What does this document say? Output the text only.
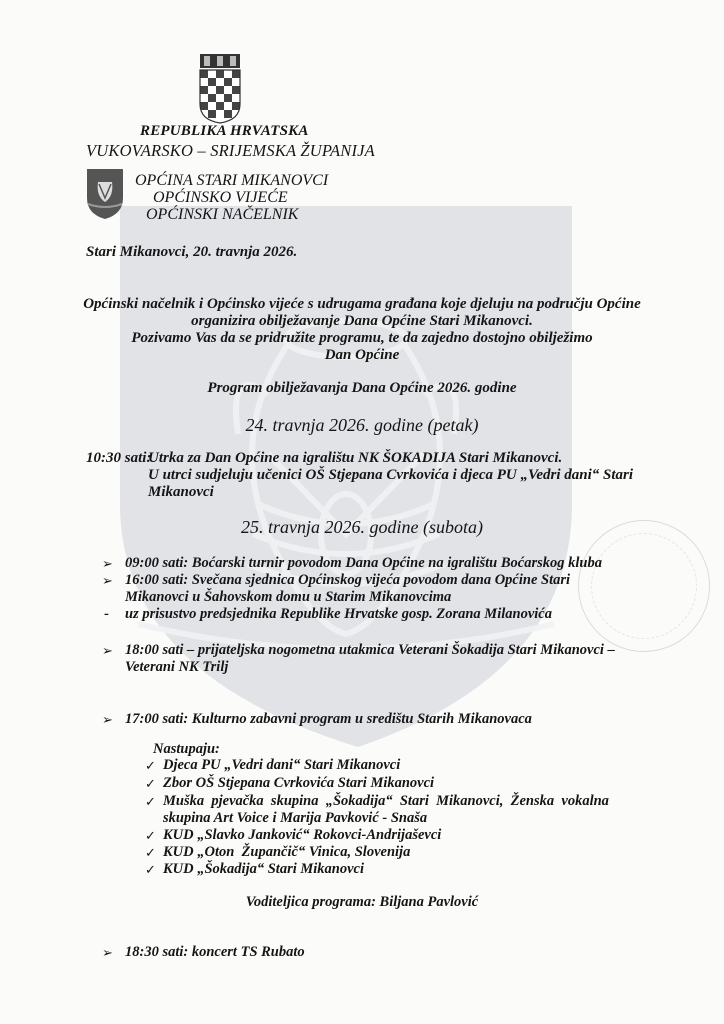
REPUBLIKA HRVATSKA
VUKOVARSKO – SRIJEMSKA ŽUPANIJA
OPĆINA STARI MIKANOVCI
OPĆINSKO VIJEĆE
OPĆINSKI NAČELNIK
Stari Mikanovci, 20. travnja 2026.
Općinski načelnik i Općinsko vijeće s udrugama građana koje djeluju na području Općine
organizira obilježavanje Dana Općine Stari Mikanovci.
Pozivamo Vas da se pridružite programu, te da zajedno dostojno obilježimo
Dan Općine
Program obilježavanja Dana Općine 2026. godine
24. travnja 2026. godine (petak)
10:30 sati:
Utrka za Dan Općine na igralištu NK ŠOKADIJA Stari Mikanovci.
U utrci sudjeluju učenici OŠ Stjepana Cvrkovića i djeca PU „Vedri dani“ Stari
Mikanovci
25. travnja 2026. godine (subota)
➢ 09:00 sati: Boćarski turnir povodom Dana Općine na igralištu Boćarskog kluba
➢ 16:00 sati: Svečana sjednica Općinskog vijeća povodom dana Općine Stari
Mikanovci u Šahovskom domu u Starim Mikanovcima
- uz prisustvo predsjednika Republike Hrvatske gosp. Zorana Milanovića
➢ 18:00 sati – prijateljska nogometna utakmica Veterani Šokadija Stari Mikanovci –
Veterani NK Trilj
➢ 17:00 sati: Kulturno zabavni program u središtu Starih Mikanovaca
Nastupaju:
✓ Djeca PU „Vedri dani“ Stari Mikanovci
✓ Zbor OŠ Stjepana Cvrkovića Stari Mikanovci
✓ Muška  pjevačka  skupina  „Šokadija“  Stari  Mikanovci,  Ženska  vokalna
skupina Art Voice i Marija Pavković - Snaša
✓ KUD „Slavko Janković“ Rokovci-Andrijaševci
✓ KUD „Oton  Župančič“ Vinica, Slovenija
✓ KUD „Šokadija“ Stari Mikanovci
Voditeljica programa: Biljana Pavlović
➢ 18:30 sati: koncert TS Rubato
